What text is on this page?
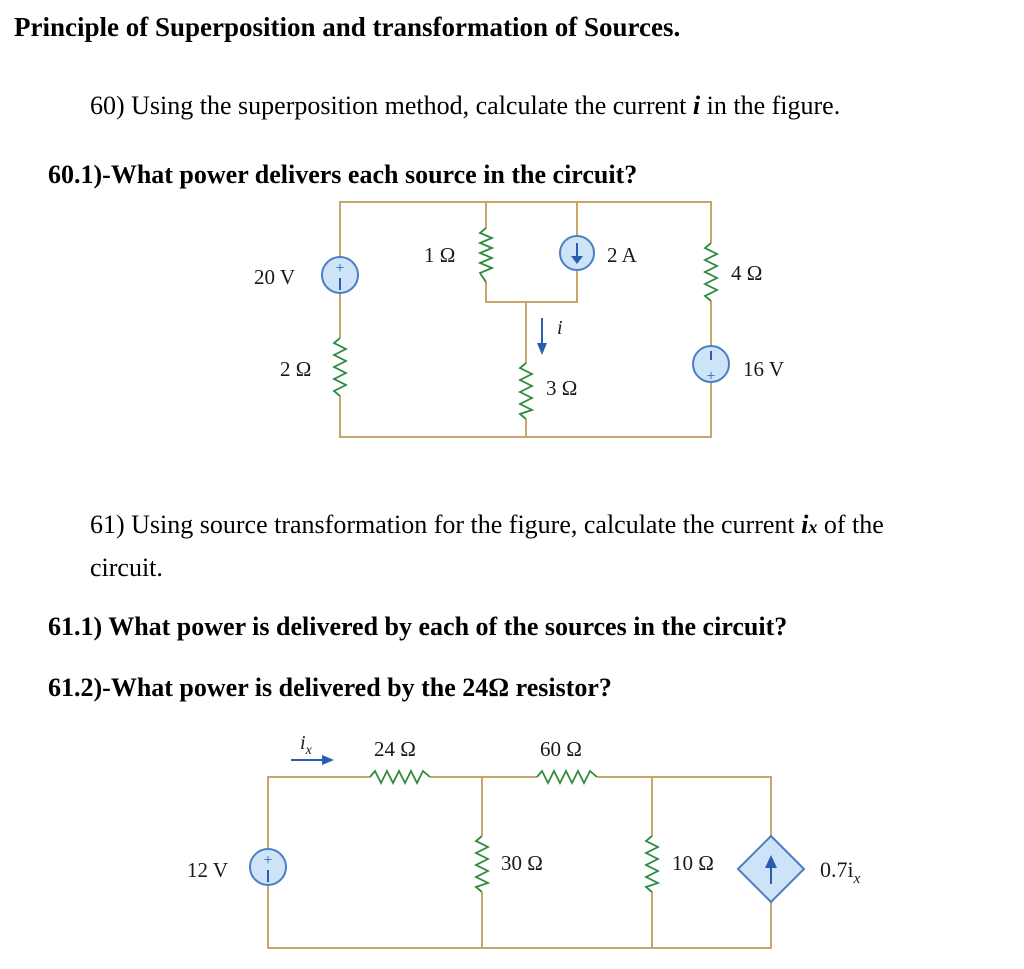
Principle of Superposition and transformation of Sources.
60) Using the superposition method, calculate the current i in the figure.
60.1)-What power delivers each source in the circuit?
61) Using source transformation for the figure, calculate the current ix of the
circuit.
61.1) What power is delivered by each of the sources in the circuit?
61.2)-What power is delivered by the 24Ω resistor?
+
20 V
2 Ω
1 Ω	2 A
i
3 Ω
4 Ω
+ 16 V
$i_x$	24 Ω	60 Ω
+
12 V	30 Ω	10 Ω	$0.7i_x$
